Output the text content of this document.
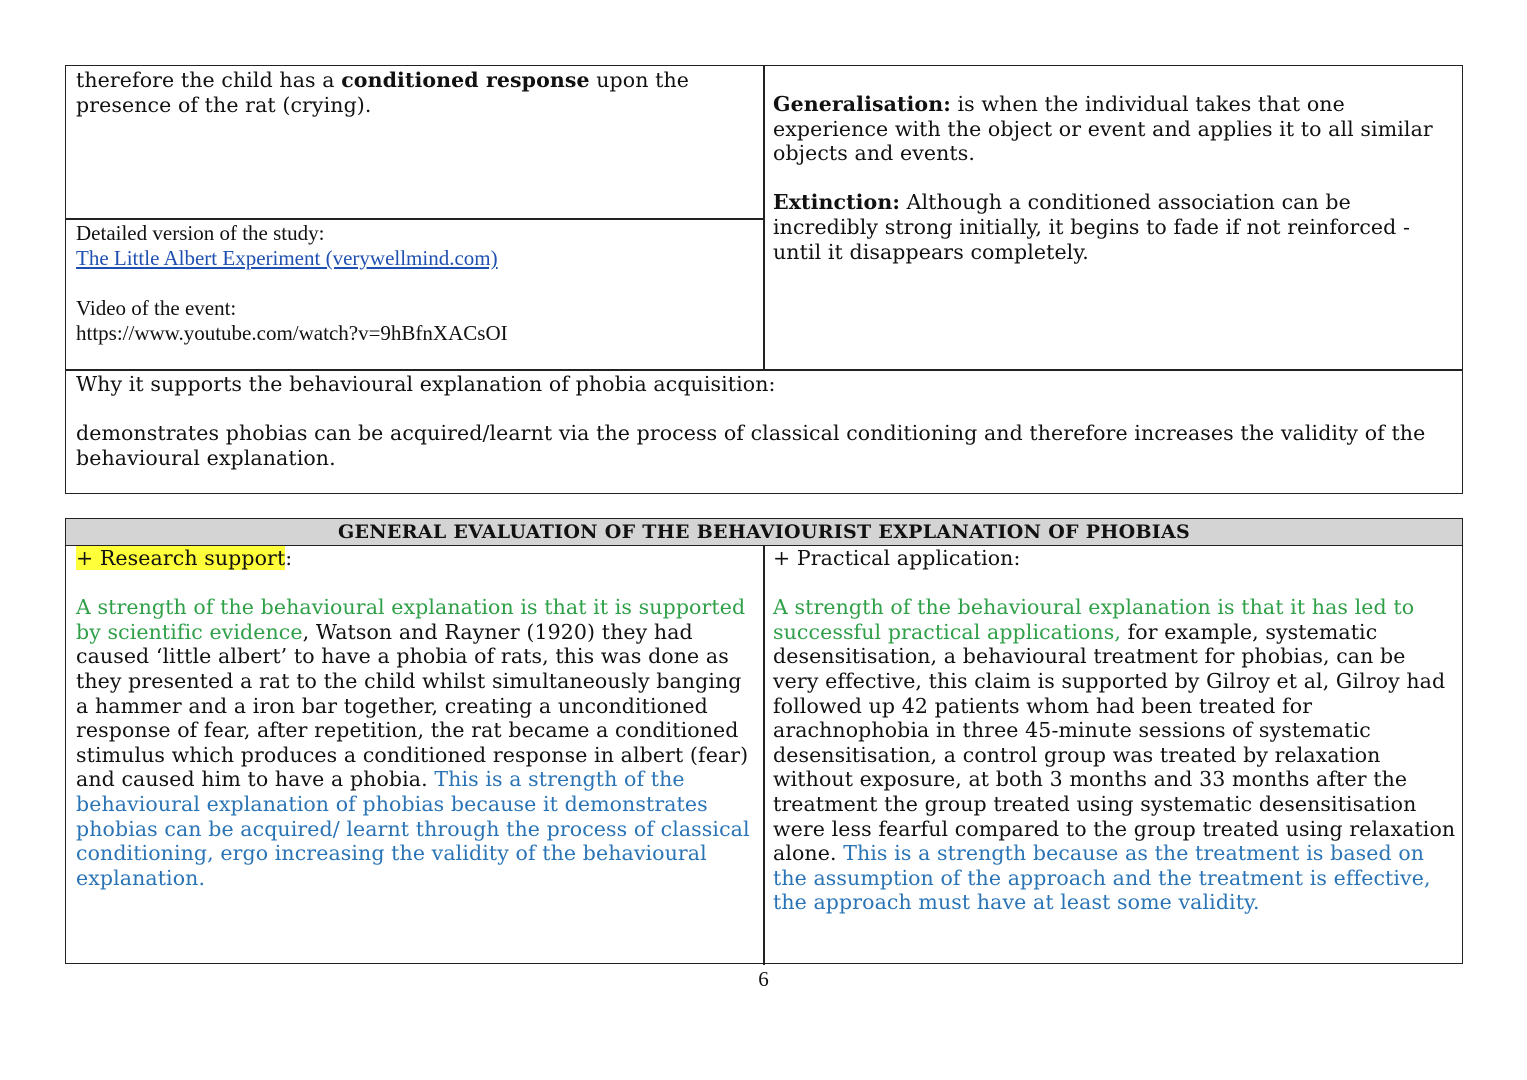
therefore the child has a conditioned response upon the presence of the rat (crying).

Detailed version of the study:

The Little Albert Experiment (verywellmind.com)

Video of the event:

https://www.youtube.com/watch?v=9hBfnXACsOI

Generalisation: is when the individual takes that one experience with the object or event and applies it to all similar objects and events.

Extinction: Although a conditioned association can be incredibly strong initially, it begins to fade if not reinforced - until it disappears completely.

Why it supports the behavioural explanation of phobia acquisition:

demonstrates phobias can be acquired/learnt via the process of classical conditioning and therefore increases the validity of the behavioural explanation.

GENERAL EVALUATION OF THE BEHAVIOURIST EXPLANATION OF PHOBIAS

+ Research support:

A strength of the behavioural explanation is that it is supported by scientific evidence, Watson and Rayner (1920) they had caused ‘little albert’ to have a phobia of rats, this was done as they presented a rat to the child whilst simultaneously banging a hammer and a iron bar together, creating a unconditioned response of fear, after repetition, the rat became a conditioned stimulus which produces a conditioned response in albert (fear) and caused him to have a phobia. This is a strength of the behavioural explanation of phobias because it demonstrates phobias can be acquired/ learnt through the process of classical conditioning, ergo increasing the validity of the behavioural explanation.

+ Practical application:

A strength of the behavioural explanation is that it has led to successful practical applications, for example, systematic desensitisation, a behavioural treatment for phobias, can be very effective, this claim is supported by Gilroy et al, Gilroy had followed up 42 patients whom had been treated for arachnophobia in three 45-minute sessions of systematic desensitisation, a control group was treated by relaxation without exposure, at both 3 months and 33 months after the treatment the group treated using systematic desensitisation were less fearful compared to the group treated using relaxation alone. This is a strength because as the treatment is based on the assumption of the approach and the treatment is effective, the approach must have at least some validity.

6
